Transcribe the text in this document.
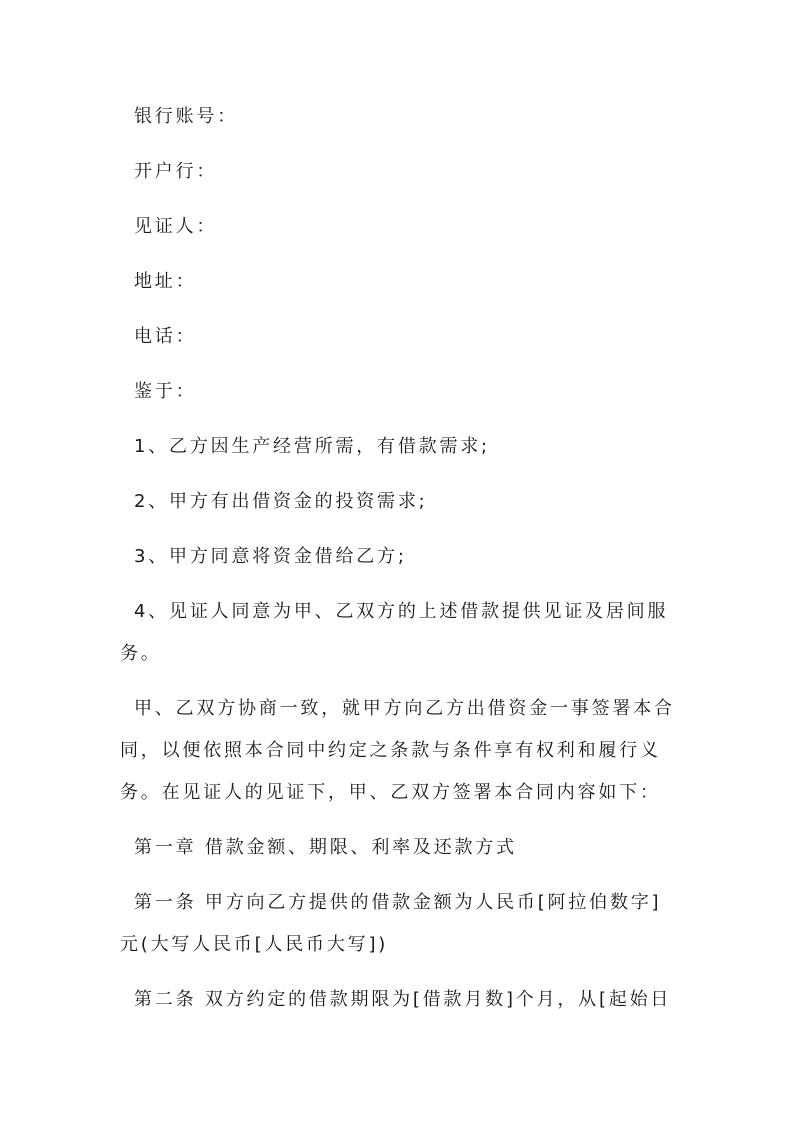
银行账号：

开户行：

见证人：

地址：

电话：

鉴于：

1、乙方因生产经营所需，有借款需求;

2、甲方有出借资金的投资需求;

3、甲方同意将资金借给乙方;

4、见证人同意为甲、乙双方的上述借款提供见证及居间服务。

甲、乙双方协商一致，就甲方向乙方出借资金一事签署本合同，以便依照本合同中约定之条款与条件享有权利和履行义务。在见证人的见证下，甲、乙双方签署本合同内容如下：

第一章 借款金额、期限、利率及还款方式

第一条 甲方向乙方提供的借款金额为人民币[阿拉伯数字]元(大写人民币[人民币大写])

第二条 双方约定的借款期限为[借款月数]个月，从[起始日
